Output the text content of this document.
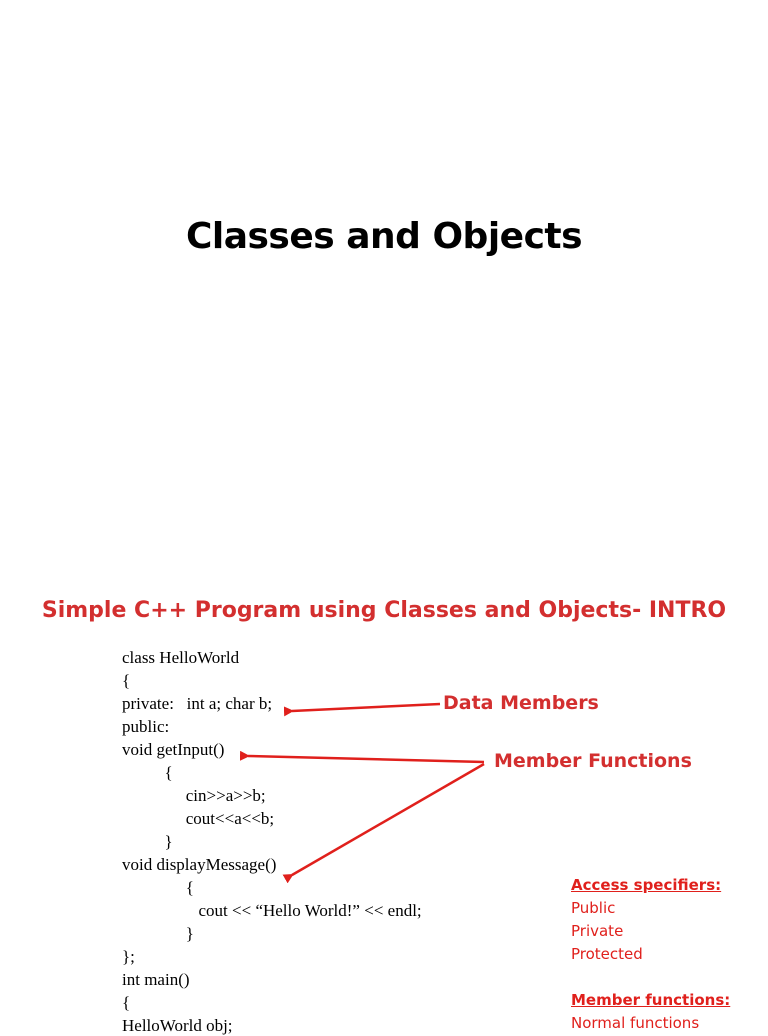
Classes and Objects
Simple C++ Program using Classes and Objects- INTRO
class HelloWorld
{
private:   int a; char b;
public:
void getInput()
{
cin>>a>>b;
cout<<a<<b;
}
void displayMessage()
{
cout << “Hello World!” << endl;
}
};
int main()
{
HelloWorld obj;
Data Members
Member Functions
Access specifiers:
Public
Private
Protected
Member functions:
Normal functions
